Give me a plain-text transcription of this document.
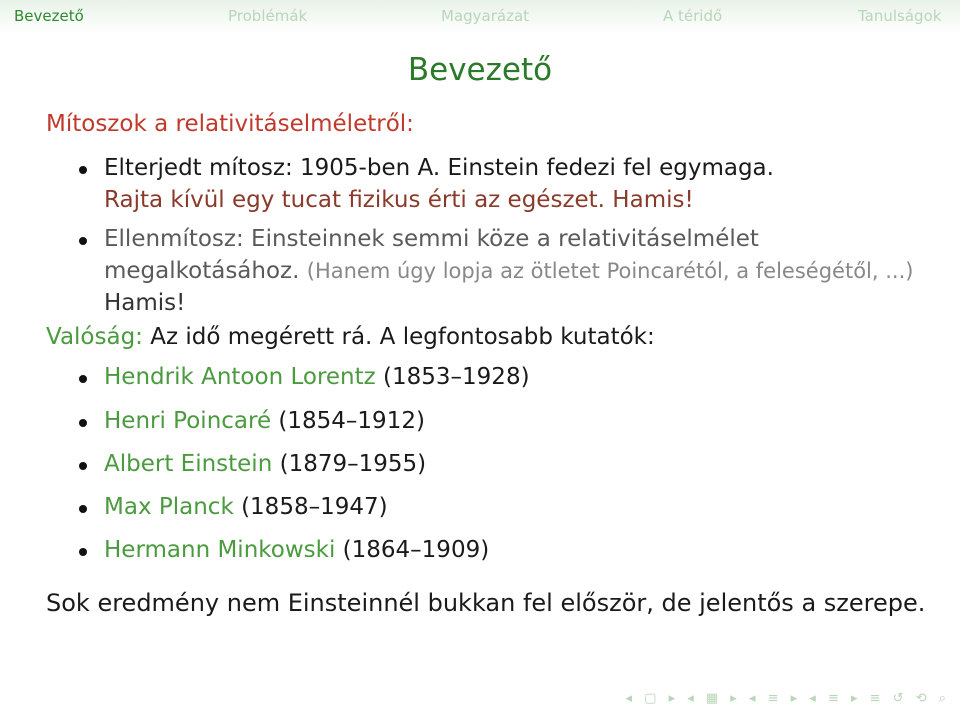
Bevezető	Problémák	Magyarázat	A téridő	Tanulságok
Bevezető
Mítoszok a relativitáselméletről:
Elterjedt mítosz: 1905-ben A. Einstein fedezi fel egymaga.
Rajta kívül egy tucat fizikus érti az egészet. Hamis!
Ellenmítosz: Einsteinnek semmi köze a relativitáselmélet megalkotásához. (Hanem úgy lopja az ötletet Poincarétól, a feleségétől, ...) Hamis!
Valóság: Az idő megérett rá. A legfontosabb kutatók:
Hendrik Antoon Lorentz (1853–1928)
Henri Poincaré (1854–1912)
Albert Einstein (1879–1955)
Max Planck (1858–1947)
Hermann Minkowski (1864–1909)
Sok eredmény nem Einsteinnél bukkan fel először, de jelentős a szerepe.
◂ ▢ ▸ ◂ ▦ ▸ ◂ ≡ ▸ ◂ ≡ ▸ ≡ ↺ ⟲ ⌕
